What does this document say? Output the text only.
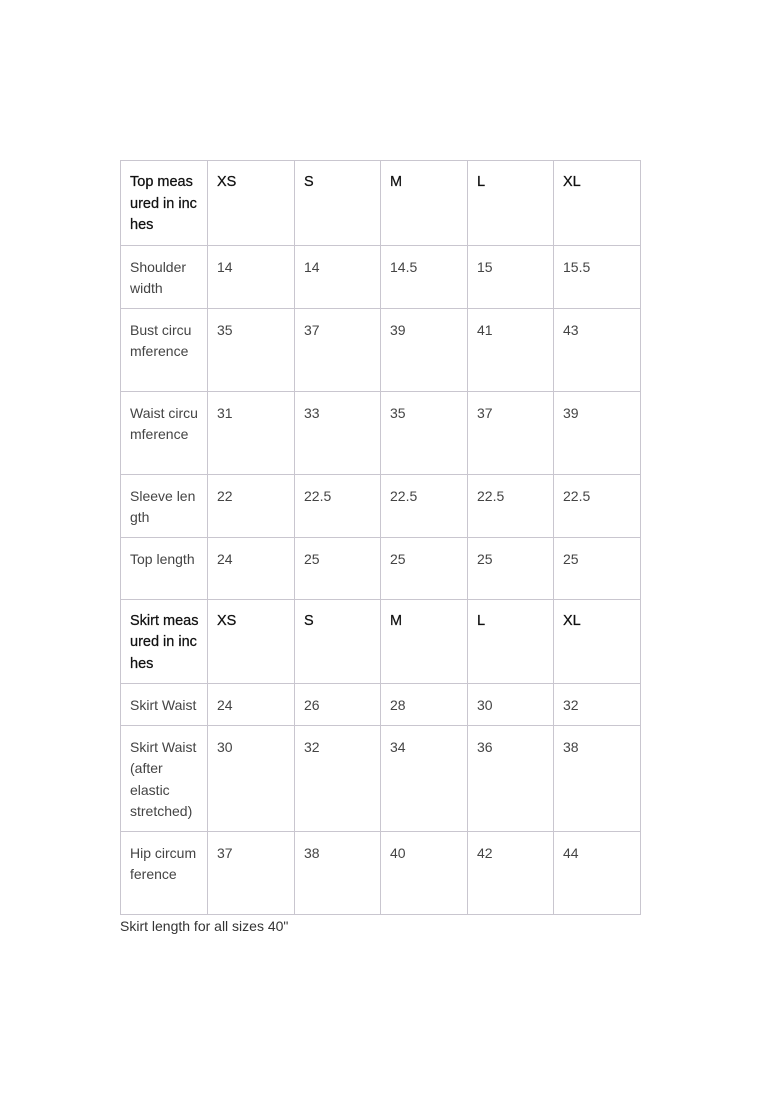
Top measured in inches	XS	S	M	L	XL
Shoulder width	14	14	14.5	15	15.5
Bust circumference	35	37	39	41	43
Waist circumference	31	33	35	37	39
Sleeve length	22	22.5	22.5	22.5	22.5
Top length	24	25	25	25	25
Skirt measured in inches	XS	S	M	L	XL
Skirt Waist	24	26	28	30	32
Skirt Waist (after elastic stretched)	30	32	34	36	38
Hip circumference	37	38	40	42	44

Skirt length for all sizes 40"
